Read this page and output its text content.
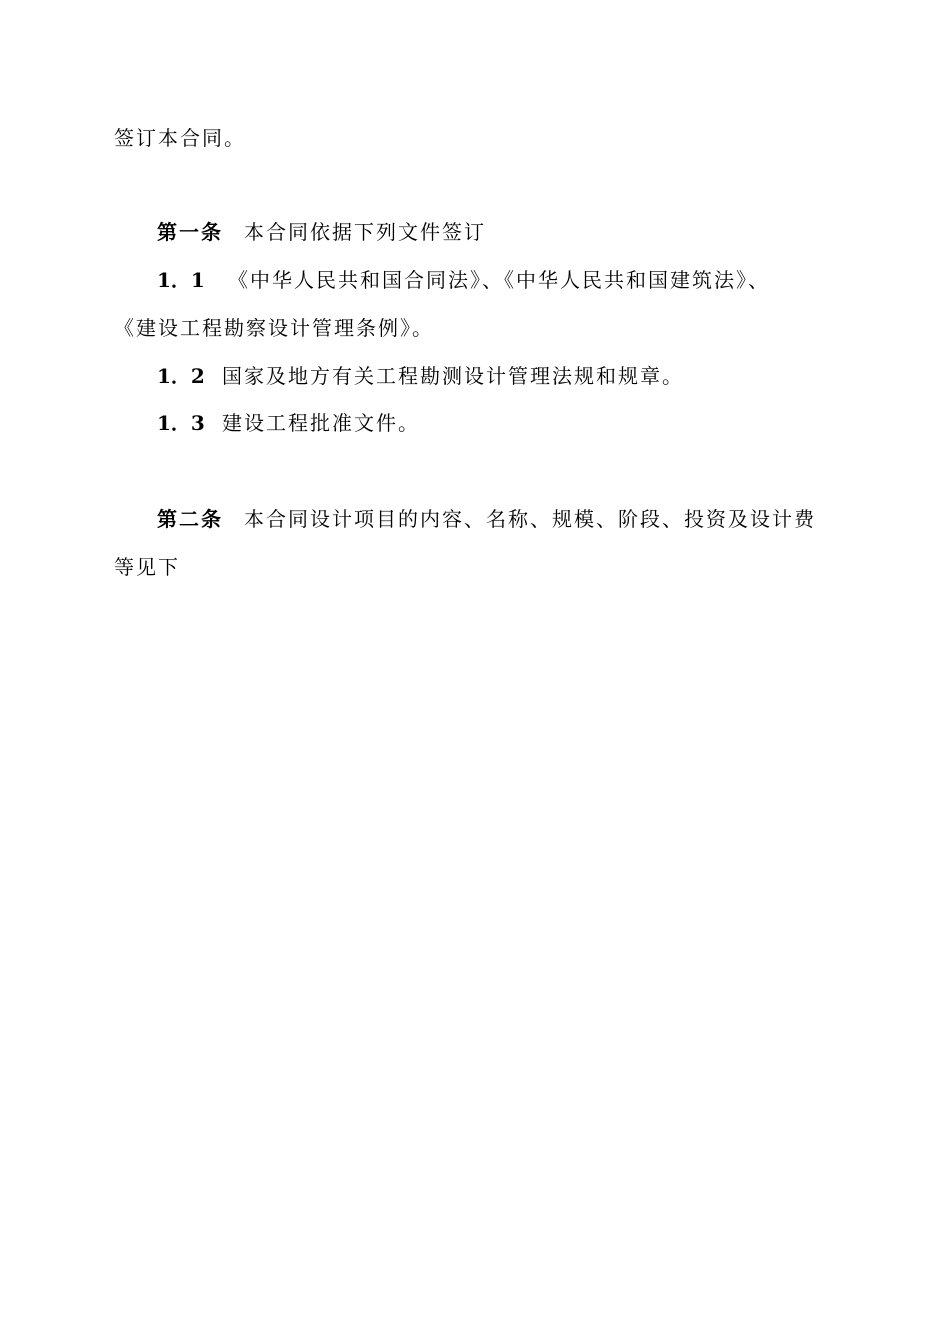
签订本合同。
第一条 本合同依据下列文件签订
1．1 《中华人民共和国合同法》、《中华人民共和国建筑法》、
《建设工程勘察设计管理条例》。
1．2 国家及地方有关工程勘测设计管理法规和规章。
1．3 建设工程批准文件。
第二条 本合同设计项目的内容、名称、规模、阶段、投资及设计费
等见下
